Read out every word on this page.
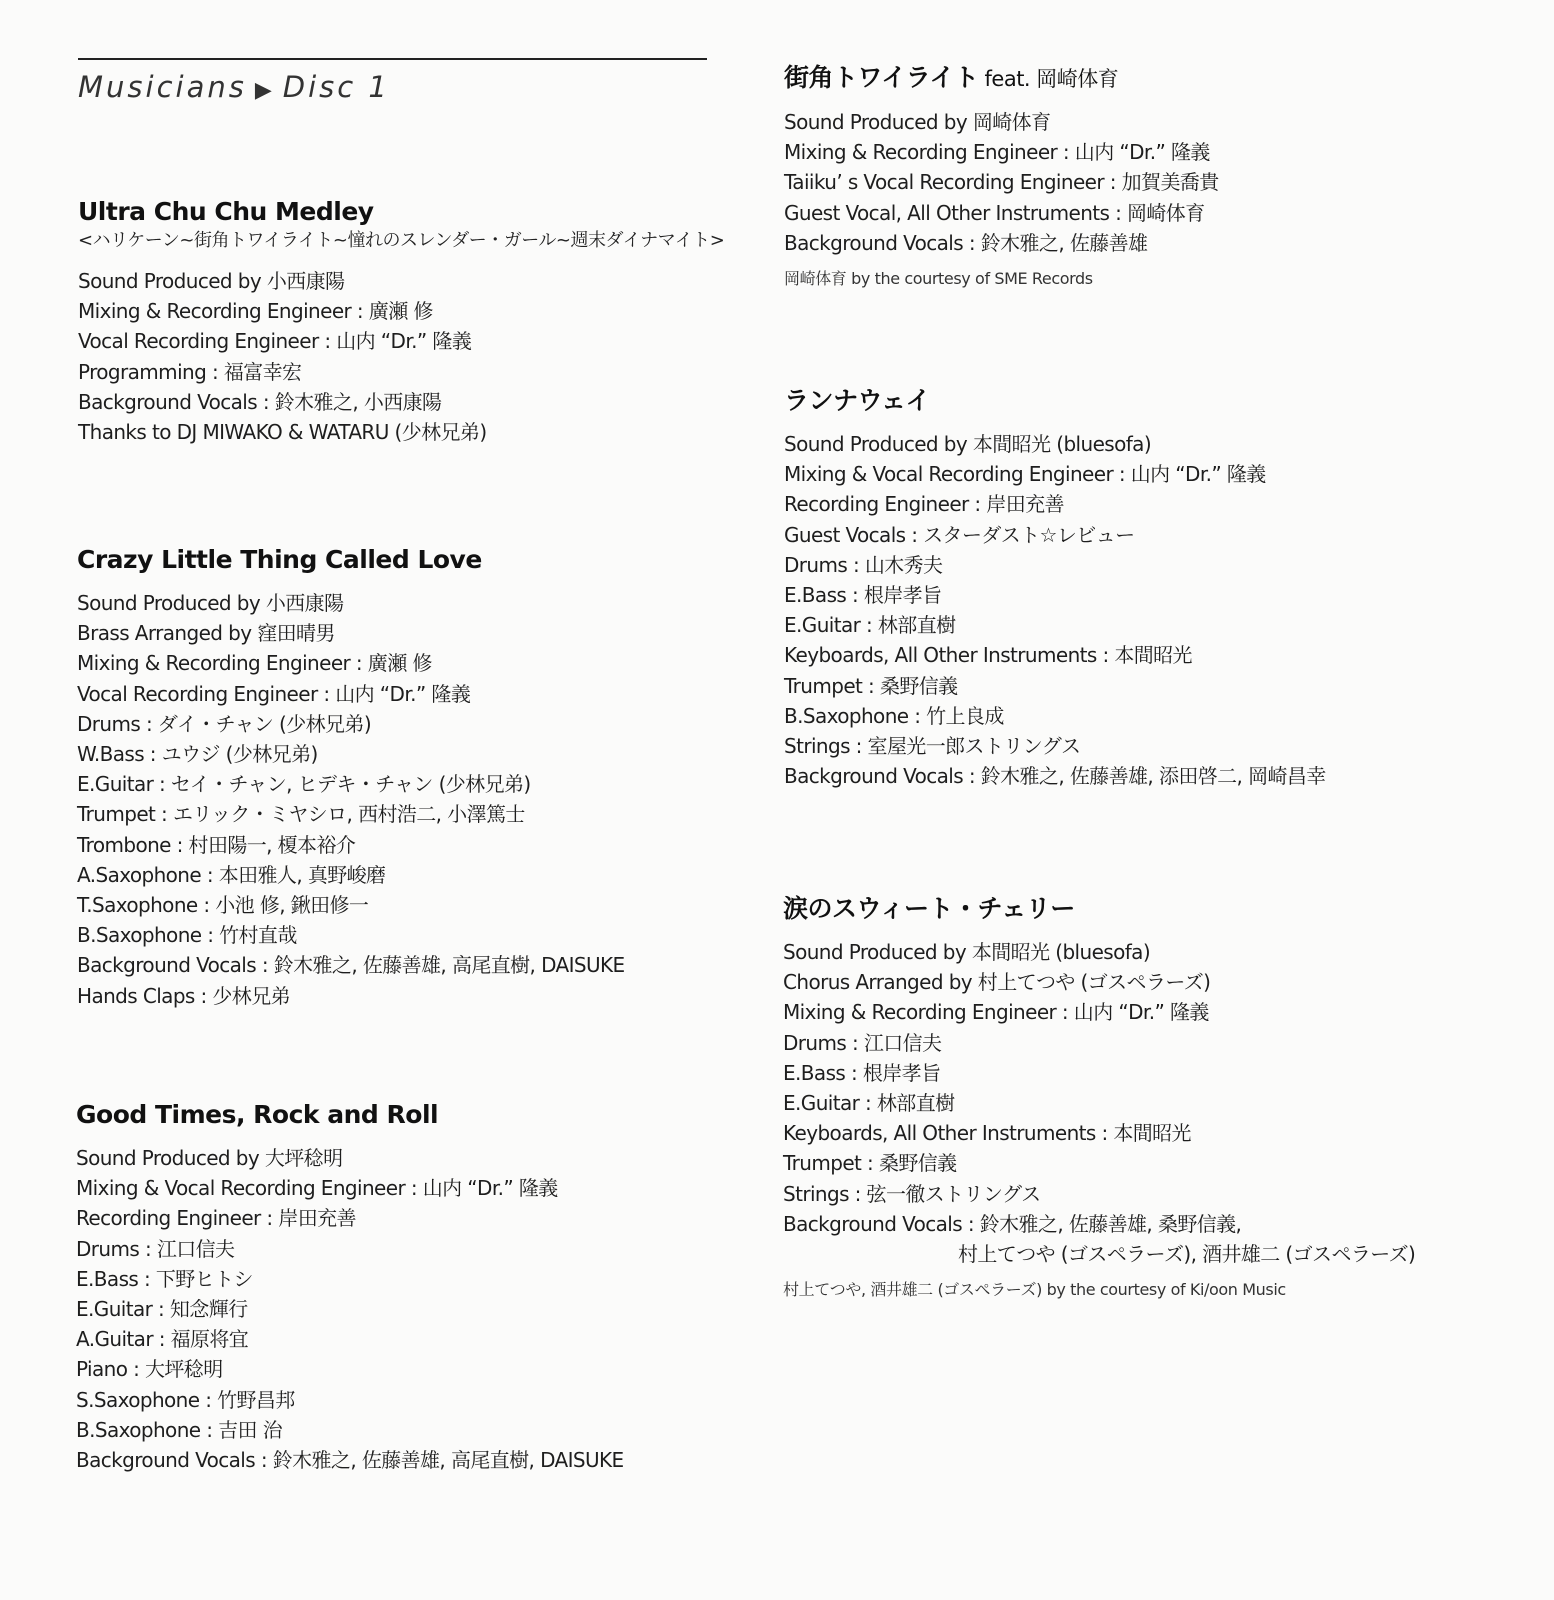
Musicians ▶ Disc 1
Ultra Chu Chu Medley
<ハリケーン~街角トワイライト~憧れのスレンダー・ガール~週末ダイナマイト>
Sound Produced by 小西康陽
Mixing & Recording Engineer : 廣瀬 修
Vocal Recording Engineer : 山内 “Dr.” 隆義
Programming : 福富幸宏
Background Vocals : 鈴木雅之, 小西康陽
Thanks to DJ MIWAKO & WATARU (少林兄弟)
Crazy Little Thing Called Love
Sound Produced by 小西康陽
Brass Arranged by 窪田晴男
Mixing & Recording Engineer : 廣瀬 修
Vocal Recording Engineer : 山内 “Dr.” 隆義
Drums : ダイ・チャン (少林兄弟)
W.Bass : ユウジ (少林兄弟)
E.Guitar : セイ・チャン, ヒデキ・チャン (少林兄弟)
Trumpet : エリック・ミヤシロ, 西村浩二, 小澤篤士
Trombone : 村田陽一, 榎本裕介
A.Saxophone : 本田雅人, 真野峻磨
T.Saxophone : 小池 修, 鍬田修一
B.Saxophone : 竹村直哉
Background Vocals : 鈴木雅之, 佐藤善雄, 高尾直樹, DAISUKE
Hands Claps : 少林兄弟
Good Times, Rock and Roll
Sound Produced by 大坪稔明
Mixing & Vocal Recording Engineer : 山内 “Dr.” 隆義
Recording Engineer : 岸田充善
Drums : 江口信夫
E.Bass : 下野ヒトシ
E.Guitar : 知念輝行
A.Guitar : 福原将宜
Piano : 大坪稔明
S.Saxophone : 竹野昌邦
B.Saxophone : 吉田 治
Background Vocals : 鈴木雅之, 佐藤善雄, 高尾直樹, DAISUKE
街角トワイライト feat. 岡崎体育
Sound Produced by 岡崎体育
Mixing & Recording Engineer : 山内 “Dr.” 隆義
Taiiku’ s Vocal Recording Engineer : 加賀美喬貴
Guest Vocal, All Other Instruments : 岡崎体育
Background Vocals : 鈴木雅之, 佐藤善雄
岡崎体育 by the courtesy of SME Records
ランナウェイ
Sound Produced by 本間昭光 (bluesofa)
Mixing & Vocal Recording Engineer : 山内 “Dr.” 隆義
Recording Engineer : 岸田充善
Guest Vocals : スターダスト☆レビュー
Drums : 山木秀夫
E.Bass : 根岸孝旨
E.Guitar : 林部直樹
Keyboards, All Other Instruments : 本間昭光
Trumpet : 桑野信義
B.Saxophone : 竹上良成
Strings : 室屋光一郎ストリングス
Background Vocals : 鈴木雅之, 佐藤善雄, 添田啓二, 岡崎昌幸
涙のスウィート・チェリー
Sound Produced by 本間昭光 (bluesofa)
Chorus Arranged by 村上てつや (ゴスペラーズ)
Mixing & Recording Engineer : 山内 “Dr.” 隆義
Drums : 江口信夫
E.Bass : 根岸孝旨
E.Guitar : 林部直樹
Keyboards, All Other Instruments : 本間昭光
Trumpet : 桑野信義
Strings : 弦一徹ストリングス
Background Vocals : 鈴木雅之, 佐藤善雄, 桑野信義,
村上てつや (ゴスペラーズ), 酒井雄二 (ゴスペラーズ)
村上てつや, 酒井雄二 (ゴスペラーズ) by the courtesy of Ki/oon Music
